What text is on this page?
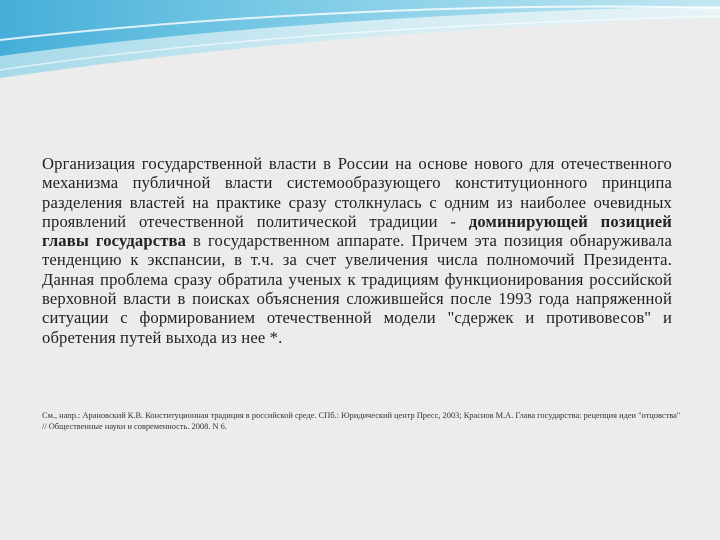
Организация государственной власти в России на основе нового для отечественного механизма публичной власти системообразующего конституционного принципа разделения властей на практике сразу столкнулась с одним из наиболее очевидных проявлений отечественной политической традиции - доминирующей позицией главы государства в государственном аппарате. Причем эта позиция обнаруживала тенденцию к экспансии, в т.ч. за счет увеличения числа полномочий Президента. Данная проблема сразу обратила ученых к традициям функционирования российской верховной власти в поисках объяснения сложившейся после 1993 года напряженной ситуации с формированием отечественной модели "сдержек и противовесов" и обретения путей выхода из нее *.

См., напр.: Арановский К.В. Конституционная традиция в российской среде. СПб.: Юридический центр Пресс, 2003; Краснов М.А. Глава государства: рецепция идеи "отцовства" // Общественные науки и современность. 2008. N 6.
